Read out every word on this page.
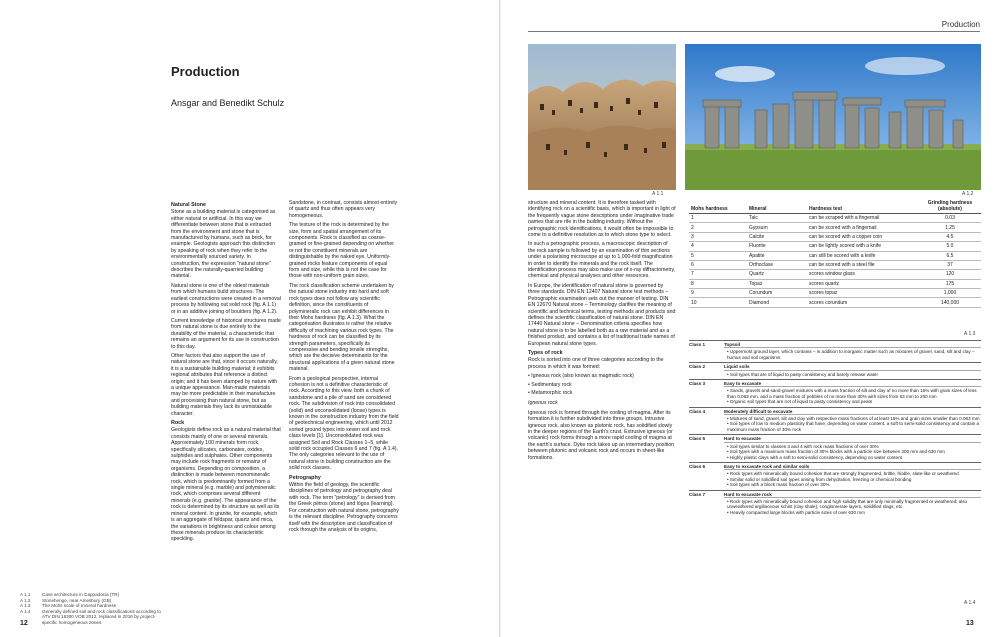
Production
Production
Ansgar and Benedikt Schulz
Natural Stone

Stone as a building material is categorised as either natural or artificial. In this way we differentiate between stone that is extracted from the environment and stone that is manufactured by humans, such as brick, for example. Geologists approach this distinction by speaking of rock when they refer to the environmentally sourced variety. In construction, the expression "natural stone" describes the naturally-quarried building material.

Natural stone is one of the oldest materials from which humans build structures. The earliest constructions were created in a removal process by hollowing out solid rock (fig. A 1.1) or in an additive joining of boulders (fig. A 1.2).

Current knowledge of historical structures made from natural stone is due entirely to the durability of the material, a characteristic that remains an argument for its use in construction to this day.

Other factors that also support the use of natural stone are that, since it occurs naturally, it is a sustainable building material; it exhibits regional attributes that reference a distinct origin; and it has been stamped by nature with a unique appearance. Man-made materials may be more predictable in their manufacture and processing than natural stone, but as building materials they lack its unmistakable character.

Rock

Geologists define rock as a natural material that consists mainly of one or several minerals. Approximately 100 minerals form rock, specifically silicates, carbonates, oxides, sulphides and sulphates. Other components may include rock fragments or remains of organisms. Depending on composition, a distinction is made between monomineralic rock, which is predominantly formed from a single mineral (e.g. marble) and polymineralic rock, which comprises several different minerals (e.g. granite). The appearance of the rock is determined by its structure as well as its mineral content. In granite, for example, which is an aggregate of feldspar, quartz and mica, the variations in brightness and colour among these minerals produce its characteristic speckling.

Sandstone, in contrast, consists almost entirely of quartz and thus often appears very homogeneous.

The texture of the rock is determined by the size, form and spatial arrangement of its components. Rock is classified as coarse-grained or fine-grained depending on whether or not the constituent minerals are distinguishable by the naked eye. Uniformly-grained rocks feature components of equal form and size, while this is not the case for those with non-uniform grain sizes.

The rock classification scheme undertaken by the natural stone industry into hard and soft rock types does not follow any scientific definition, since the constituents of polymineralic rock can exhibit differences in their Mohs hardness (fig. A 1.3). What the categorisation illustrates is rather the relative difficulty of machining various rock types. The hardness of rock can be classified by its strength parameters, specifically its compressive and bending tensile strengths, which are the decisive determinants for the structural applications of a given natural stone material.

From a geological perspective, internal cohesion is not a definitive characteristic of rock. According to this view, both a chunk of sandstone and a pile of sand are considered rock. The subdivision of rock into consolidated (solid) and unconsolidated (loose) types is known in the construction industry from the field of geotechnical engineering, which until 2012 sorted ground types into seven soil and rock class levels [1]. Unconsolidated rock was assigned Soil and Rock Classes 1–5, while solid rock occupied Classes 6 and 7 (fig. A 1.4). The only categories relevant to the use of natural stone in building construction are the solid rock classes.

Petrography

Within the field of geology, the scientific disciplines of petrology and petrography deal with rock. The term "petrology" is derived from the Greek pétros (stone) and lógos (learning). For construction with natural stone, petrography is the relevant discipline. Petrography concerns itself with the description and classification of rock through the analysis of its origins,

structure and mineral content. It is therefore tasked with identifying rock on a scientific basis, which is important in light of the frequently vague stone descriptions under imaginative trade names that are rife in the building industry. Without the petrographic rock identifications, it would often be impossible to come to a definitive resolution as to which stone type to select.

In such a petrographic process, a macroscopic description of the rock sample is followed by an examination of thin sections under a polarising microscope at up to 1,000-fold magnification in order to identify the minerals and the rock itself. The identification process may also make use of x-ray diffractometry, chemical and physical analyses and other resources.

In Europe, the identification of natural stone is governed by three standards. DIN EN 12407 Natural stone test methods – Petrographic examination sets out the manner of testing. DIN EN 12670 Natural stone – Terminology clarifies the meaning of scientific and technical terms, testing methods and products and defines the scientific classification of natural stone. DIN EN 17440 Natural stone – Denomination criteria specifies how natural stone is to be labelled both as a raw material and as a finished product, and contains a list of traditional trade names of European natural stone types.

Types of rock

Rock is sorted into one of three categories according to the process in which it was formed:

• Igneous rock (also known as magmatic rock)

• Sedimentary rock

• Metamorphic rock

Igneous rock

Igneous rock is formed through the cooling of magma. After its formation it is further subdivided into three groups. Intrusive igneous rock, also known as plutonic rock, has solidified slowly in the deeper regions of the Earth's crust. Extrusive igneous (or volcanic) rock forms through a more rapid cooling of magma at the earth's surface. Dyke rock takes up an intermediary position between plutonic and volcanic rock and occurs in sheet-like formations.

A 1.1	Cave architecture in Cappadocia (TR)
A 1.2	Stonehenge, near Amesbury (GB)
A 1.3	The Mohs scale of mineral hardness
A 1.4	Generally defined soil and rock classifications according to ATV DIN 18300 VOB 2012, replaced in 2016 by project-specific homogeneous zones
A 1.1	A 1.2
Mohs hardness	Mineral	Hardness test	Grinding hardness (absolute)
1	Talc	can be scraped with a fingernail	0.03
2	Gypsum	can be scored with a fingernail	1.25
3	Calcite	can be scored with a copper coin	4.5
4	Fluorite	can be lightly scored with a knife	5.0
5	Apatite	can still be scored with a knife	6.5
6	Orthoclase	can be scored with a steel file	37
7	Quartz	scores window glass	120
8	Topaz	scores quartz	175
9	Corundum	scores topaz	1,000
10	Diamond	scores corundum	140,000
A 1.3
Class 1	Topsoil
• Uppermost ground layer, which contains – in addition to inorganic matter such as mixtures of gravel, sand, silt and clay – humus and soil organisms
Class 2	Liquid soils
• Soil types that are of liquid to pasty consistency and barely release water
Class 3	Easy to excavate
• Sands, gravels and sand-gravel mixtures with a mass fraction of silt and clay of no more than 15% with grain sizes of less than 0.063 mm, and a mass fraction of pebbles of no more than 30% with sizes from 63 mm to 200 mm
• Organic soil types that are not of liquid to pasty consistency and peats
Class 4	Moderately difficult to excavate
• Mixtures of sand, gravel, silt and clay with respective mass fractions of at least 15% and grain sizes smaller than 0.063 mm
• Soil types of low to medium plasticity that have, depending on water content, a soft to semi-solid consistency and contain a maximum mass fraction of 30% rock
Class 5	Hard to excavate
• Soil types similar to classes 3 and 4 with rock mass fractions of over 30%
• Soil types with a maximum mass fraction of 30% blocks with a particle size between 200 mm and 630 mm
• Highly plastic clays with a soft to semi-solid consistency, depending on water content
Class 6	Easy to excavate rock and similar soils
• Rock types with mineralically bound cohesion that are strongly fragmented, brittle, friable, slate-like or weathered
• Similar solid or solidified soil types arising from dehydration, freezing or chemical bonding
• Soil types with a block mass fraction of over 30%
Class 7	Hard to excavate rock
• Rock types with mineralically bound cohesion and high solidity that are only minimally fragmented or weathered; also unweathered argillaceous schist (clay shale), conglomerate layers, solidified slags, etc.
• Heavily compacted large blocks with particle sizes of over 630 mm
A 1.4
12	13
